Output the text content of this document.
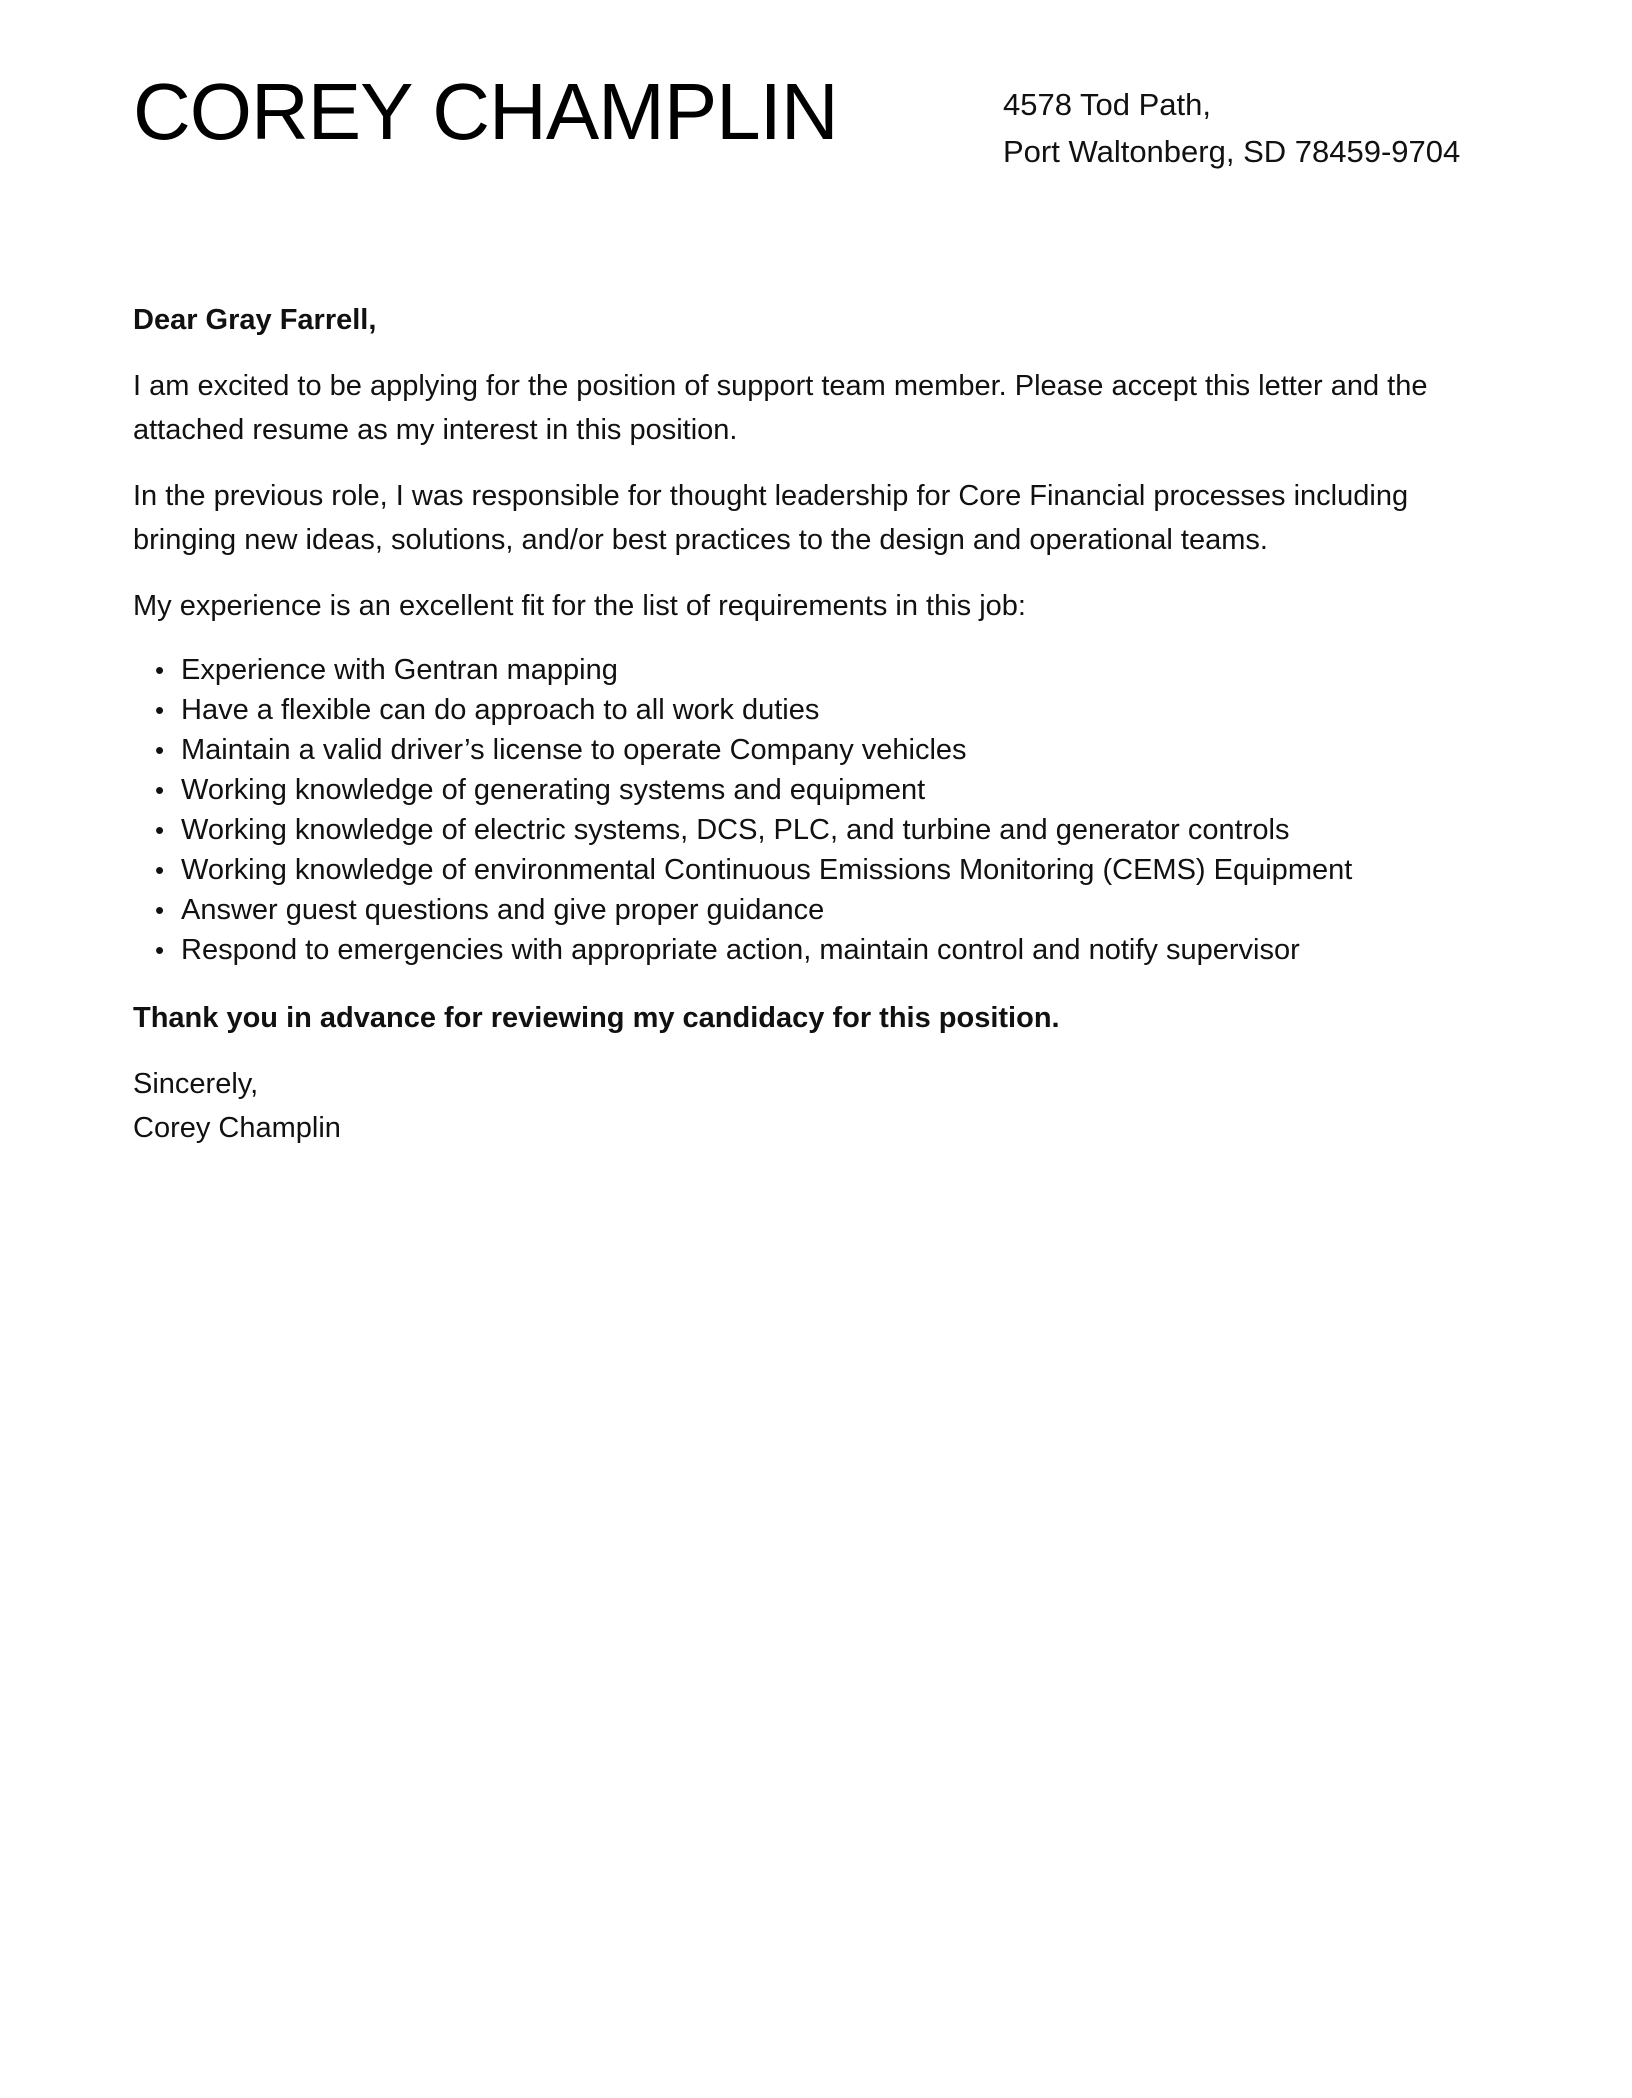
COREY CHAMPLIN	4578 Tod Path,
Port Waltonberg, SD 78459-9704

Dear Gray Farrell,

I am excited to be applying for the position of support team member. Please accept this letter and the attached resume as my interest in this position.

In the previous role, I was responsible for thought leadership for Core Financial processes including bringing new ideas, solutions, and/or best practices to the design and operational teams.

My experience is an excellent fit for the list of requirements in this job:

• Experience with Gentran mapping
• Have a flexible can do approach to all work duties
• Maintain a valid driver’s license to operate Company vehicles
• Working knowledge of generating systems and equipment
• Working knowledge of electric systems, DCS, PLC, and turbine and generator controls
• Working knowledge of environmental Continuous Emissions Monitoring (CEMS) Equipment
• Answer guest questions and give proper guidance
• Respond to emergencies with appropriate action, maintain control and notify supervisor

Thank you in advance for reviewing my candidacy for this position.

Sincerely,
Corey Champlin
